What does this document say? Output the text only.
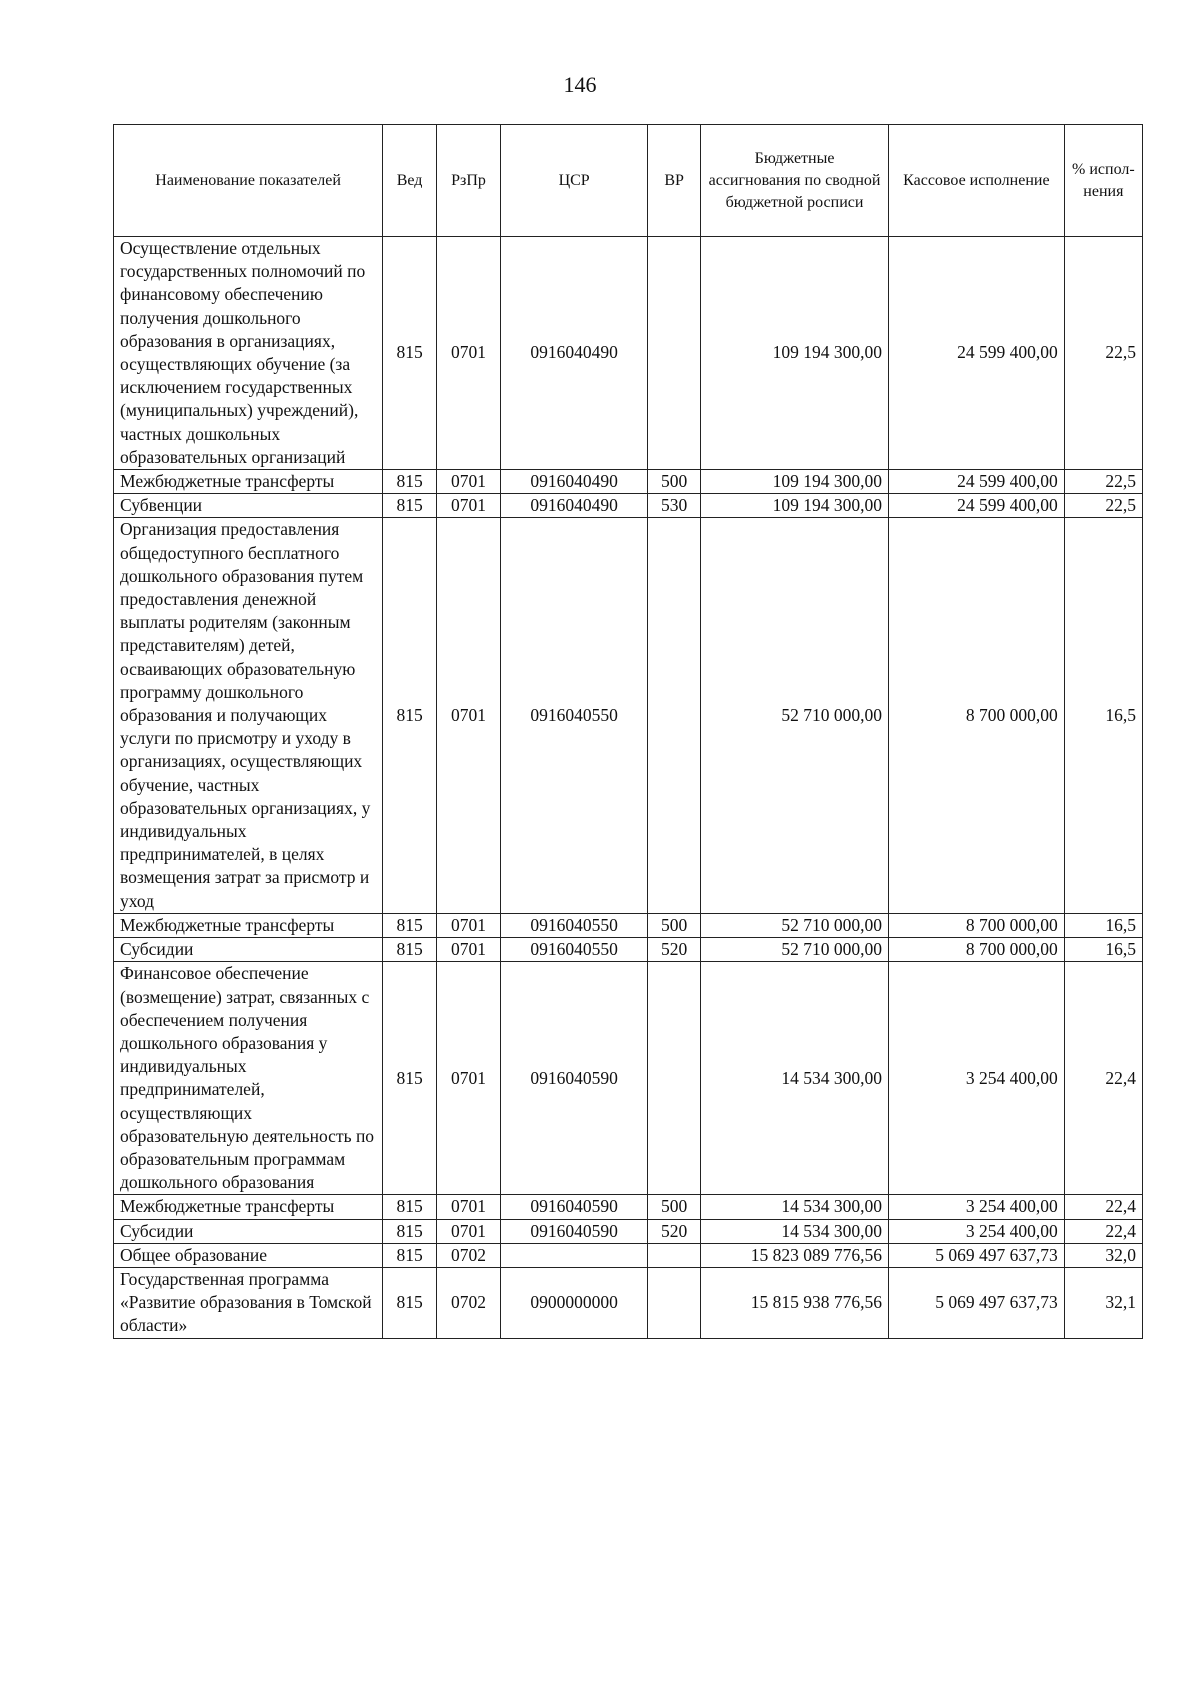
146
Наименование показателей	Вед	РзПр	ЦСР	ВР	Бюджетные ассигнования по сводной бюджетной росписи	Кассовое исполнение	% испол-нения
Осуществление отдельных государственных полномочий по финансовому обеспечению получения дошкольного образования в организациях, осуществляющих обучение (за исключением государственных (муниципальных) учреждений), частных дошкольных образовательных организаций	815	0701	0916040490		109 194 300,00	24 599 400,00	22,5
Межбюджетные трансферты	815	0701	0916040490	500	109 194 300,00	24 599 400,00	22,5
Субвенции	815	0701	0916040490	530	109 194 300,00	24 599 400,00	22,5
Организация предоставления общедоступного бесплатного дошкольного образования путем предоставления денежной выплаты родителям (законным представителям) детей, осваивающих образовательную программу дошкольного образования и получающих услуги по присмотру и уходу в организациях, осуществляющих обучение, частных образовательных организациях, у индивидуальных предпринимателей, в целях возмещения затрат за присмотр и уход	815	0701	0916040550		52 710 000,00	8 700 000,00	16,5
Межбюджетные трансферты	815	0701	0916040550	500	52 710 000,00	8 700 000,00	16,5
Субсидии	815	0701	0916040550	520	52 710 000,00	8 700 000,00	16,5
Финансовое обеспечение (возмещение) затрат, связанных с обеспечением получения дошкольного образования у индивидуальных предпринимателей, осуществляющих образовательную деятельность по образовательным программам дошкольного образования	815	0701	0916040590		14 534 300,00	3 254 400,00	22,4
Межбюджетные трансферты	815	0701	0916040590	500	14 534 300,00	3 254 400,00	22,4
Субсидии	815	0701	0916040590	520	14 534 300,00	3 254 400,00	22,4
Общее образование	815	0702			15 823 089 776,56	5 069 497 637,73	32,0
Государственная программа «Развитие образования в Томской области»	815	0702	0900000000		15 815 938 776,56	5 069 497 637,73	32,1
